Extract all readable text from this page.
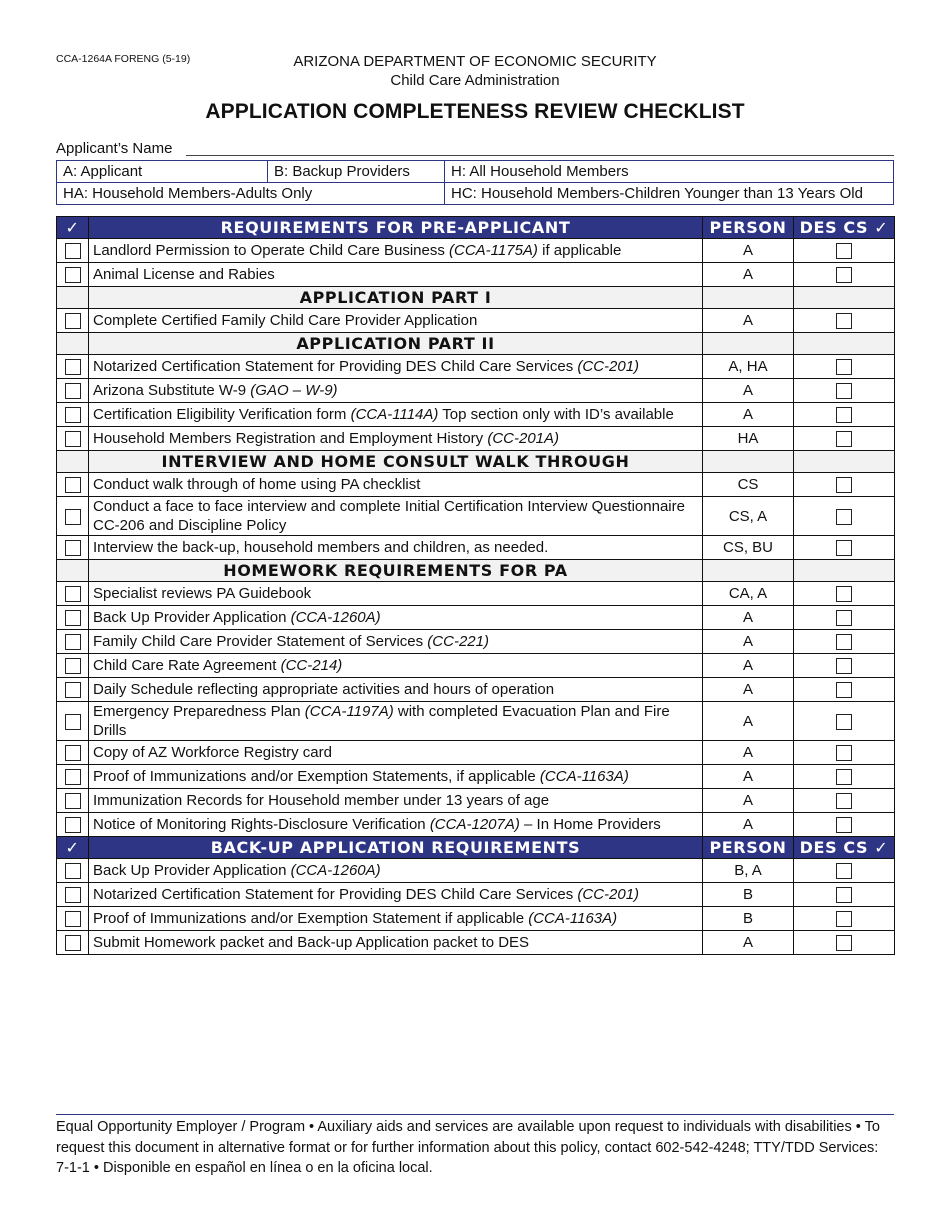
CCA-1264A FORENG (5-19)	ARIZONA DEPARTMENT OF ECONOMIC SECURITY
Child Care Administration
APPLICATION COMPLETENESS REVIEW CHECKLIST
Applicant’s Name
A: Applicant	B: Backup Providers	H: All Household Members
HA: Household Members-Adults Only		HC: Household Members-Children Younger than 13 Years Old
✓	REQUIREMENTS FOR PRE-APPLICANT	PERSON	DES CS ✓
	Landlord Permission to Operate Child Care Business (CCA-1175A) if applicable	A	
	Animal License and Rabies	A	
	APPLICATION PART I		
	Complete Certified Family Child Care Provider Application	A	
	APPLICATION PART II		
	Notarized Certification Statement for Providing DES Child Care Services (CC-201)	A, HA	
	Arizona Substitute W-9 (GAO – W-9)	A	
	Certification Eligibility Verification form (CCA-1114A) Top section only with ID’s available	A	
	Household Members Registration and Employment History (CC-201A)	HA	
	INTERVIEW AND HOME CONSULT WALK THROUGH		
	Conduct walk through of home using PA checklist	CS	
	Conduct a face to face interview and complete Initial Certification Interview Questionnaire CC-206 and Discipline Policy	CS, A	
	Interview the back-up, household members and children, as needed.	CS, BU	
	HOMEWORK REQUIREMENTS FOR PA		
	Specialist reviews PA Guidebook	CA, A	
	Back Up Provider Application (CCA-1260A)	A	
	Family Child Care Provider Statement of Services (CC-221)	A	
	Child Care Rate Agreement (CC-214)	A	
	Daily Schedule reflecting appropriate activities and hours of operation	A	
	Emergency Preparedness Plan (CCA-1197A) with completed Evacuation Plan and Fire Drills	A	
	Copy of AZ Workforce Registry card	A	
	Proof of Immunizations and/or Exemption Statements, if applicable (CCA-1163A)	A	
	Immunization Records for Household member under 13 years of age	A	
	Notice of Monitoring Rights-Disclosure Verification (CCA-1207A) – In Home Providers	A	
✓	BACK-UP APPLICATION REQUIREMENTS	PERSON	DES CS ✓
	Back Up Provider Application (CCA-1260A)	B, A	
	Notarized Certification Statement for Providing DES Child Care Services (CC-201)	B	
	Proof of Immunizations and/or Exemption Statement if applicable (CCA-1163A)	B	
	Submit Homework packet and Back-up Application packet to DES	A	
Equal Opportunity Employer / Program • Auxiliary aids and services are available upon request to individuals with disabilities • To request this document in alternative format or for further information about this policy, contact 602-542-4248; TTY/TDD Services: 7-1-1 • Disponible en español en línea o en la oficina local.
